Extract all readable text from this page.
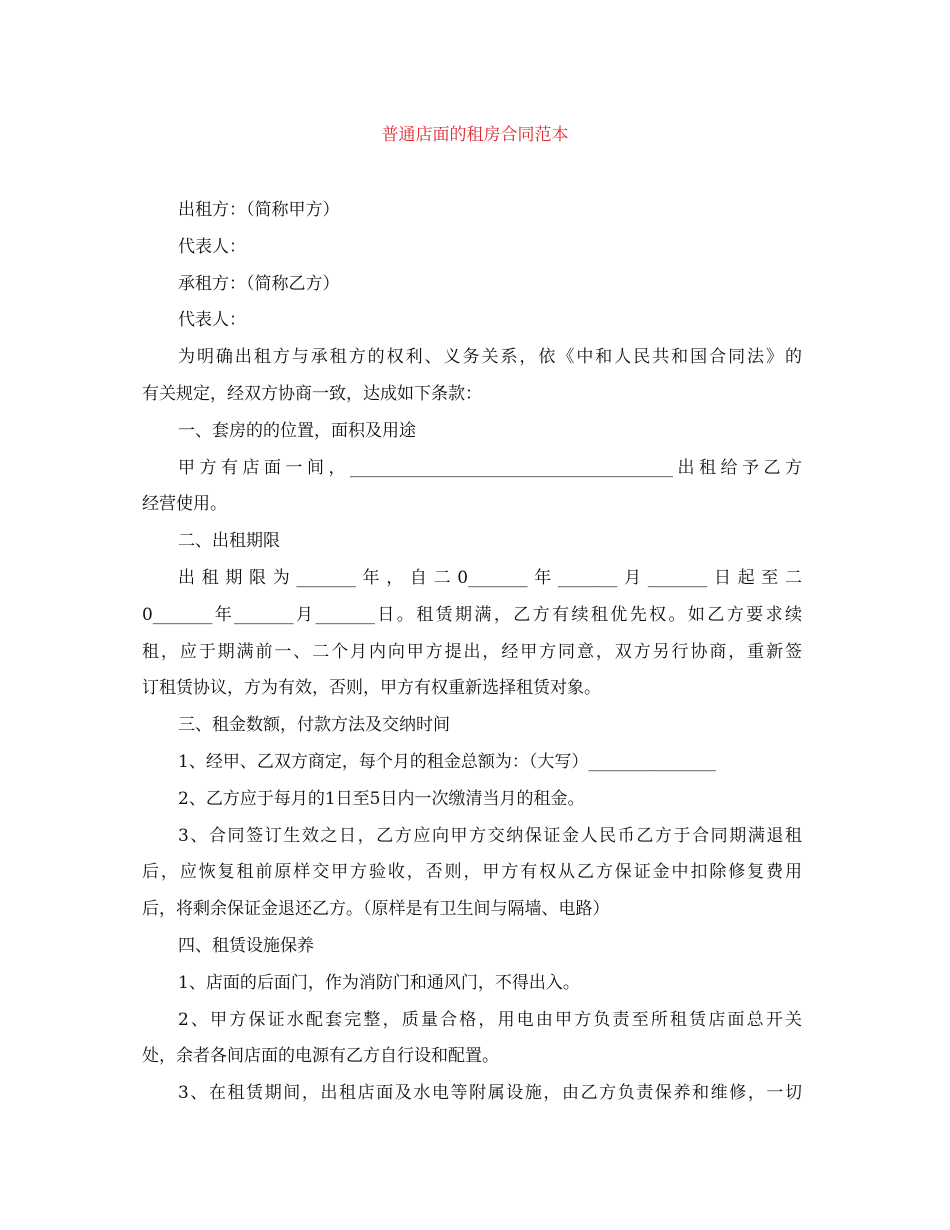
普通店面的租房合同范本
出租方：（简称甲方）
代表人：
承租方：（简称乙方）
代表人：
为明确出租方与承租方的权利、义务关系，依《中和人民共和国合同法》的
有关规定，经双方协商一致，达成如下条款：
一、套房的的位置，面积及用途
甲方有店面一间，______________________________________出租给予乙方
经营使用。
二、出租期限
出租期限为_______年，自二0_______年_______月_______日起至二
0_______年_______月_______日。租赁期满，乙方有续租优先权。如乙方要求续
租，应于期满前一、二个月内向甲方提出，经甲方同意，双方另行协商，重新签
订租赁协议，方为有效，否则，甲方有权重新选择租赁对象。
三、租金数额，付款方法及交纳时间
1、经甲、乙双方商定，每个月的租金总额为：（大写）_______________
2、乙方应于每月的1日至5日内一次缴清当月的租金。
3、合同签订生效之日，乙方应向甲方交纳保证金人民币乙方于合同期满退租
后，应恢复租前原样交甲方验收，否则，甲方有权从乙方保证金中扣除修复费用
后，将剩余保证金退还乙方。（原样是有卫生间与隔墙、电路）
四、租赁设施保养
1、店面的后面门，作为消防门和通风门，不得出入。
2、甲方保证水配套完整，质量合格，用电由甲方负责至所租赁店面总开关
处，余者各间店面的电源有乙方自行设和配置。
3、在租赁期间，出租店面及水电等附属设施，由乙方负责保养和维修，一切
